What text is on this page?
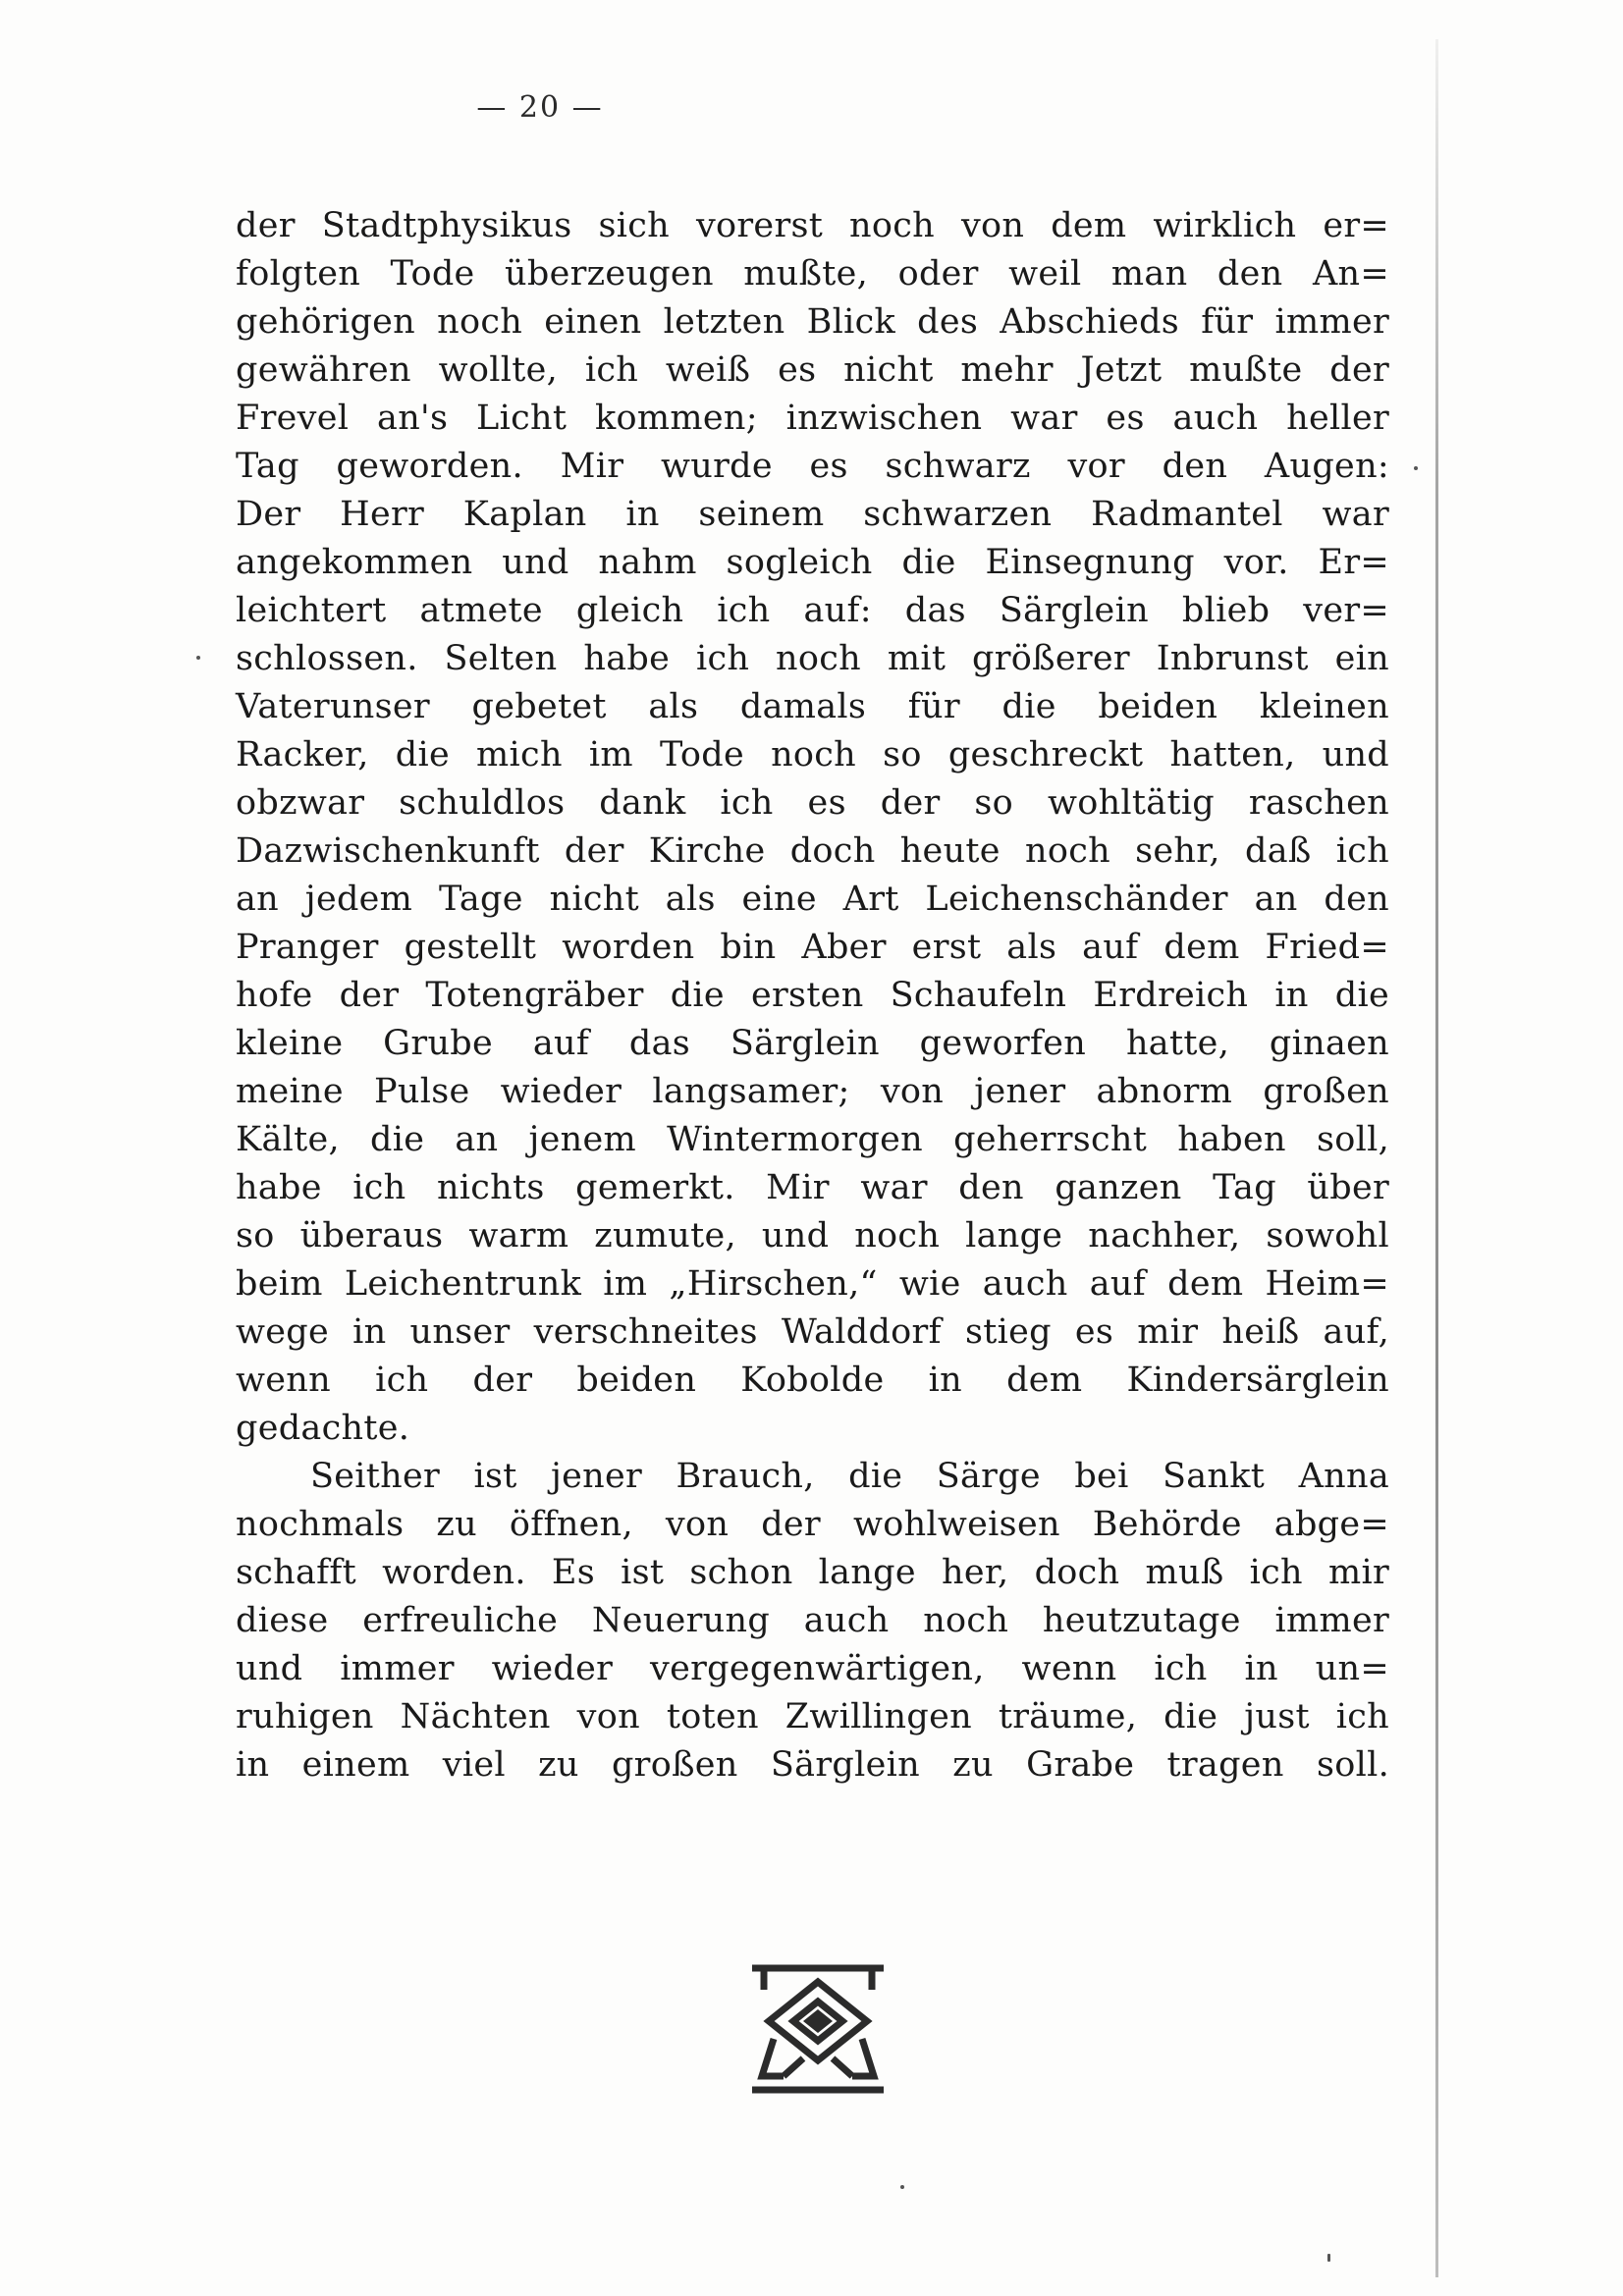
— 20 —
der Stadtphysikus sich vorerst noch von dem wirklich er=
folgten Tode überzeugen mußte, oder weil man den An=
gehörigen noch einen letzten Blick des Abschieds für immer
gewähren wollte, ich weiß es nicht mehr Jetzt mußte der
Frevel an's Licht kommen; inzwischen war es auch heller
Tag geworden. Mir wurde es schwarz vor den Augen:
Der Herr Kaplan in seinem schwarzen Radmantel war
angekommen und nahm sogleich die Einsegnung vor. Er=
leichtert atmete gleich ich auf: das Särglein blieb ver=
schlossen. Selten habe ich noch mit größerer Inbrunst ein
Vaterunser gebetet als damals für die beiden kleinen
Racker, die mich im Tode noch so geschreckt hatten, und
obzwar schuldlos dank ich es der so wohltätig raschen
Dazwischenkunft der Kirche doch heute noch sehr, daß ich
an jedem Tage nicht als eine Art Leichenschänder an den
Pranger gestellt worden bin Aber erst als auf dem Fried=
hofe der Totengräber die ersten Schaufeln Erdreich in die
kleine Grube auf das Särglein geworfen hatte, ginaen
meine Pulse wieder langsamer; von jener abnorm großen
Kälte, die an jenem Wintermorgen geherrscht haben soll,
habe ich nichts gemerkt. Mir war den ganzen Tag über
so überaus warm zumute, und noch lange nachher, sowohl
beim Leichentrunk im „Hirschen,“ wie auch auf dem Heim=
wege in unser verschneites Walddorf stieg es mir heiß auf,
wenn ich der beiden Kobolde in dem Kindersärglein
gedachte.
Seither ist jener Brauch, die Särge bei Sankt Anna
nochmals zu öffnen, von der wohlweisen Behörde abge=
schafft worden. Es ist schon lange her, doch muß ich mir
diese erfreuliche Neuerung auch noch heutzutage immer
und immer wieder vergegenwärtigen, wenn ich in un=
ruhigen Nächten von toten Zwillingen träume, die just ich
in einem viel zu großen Särglein zu Grabe tragen soll.
